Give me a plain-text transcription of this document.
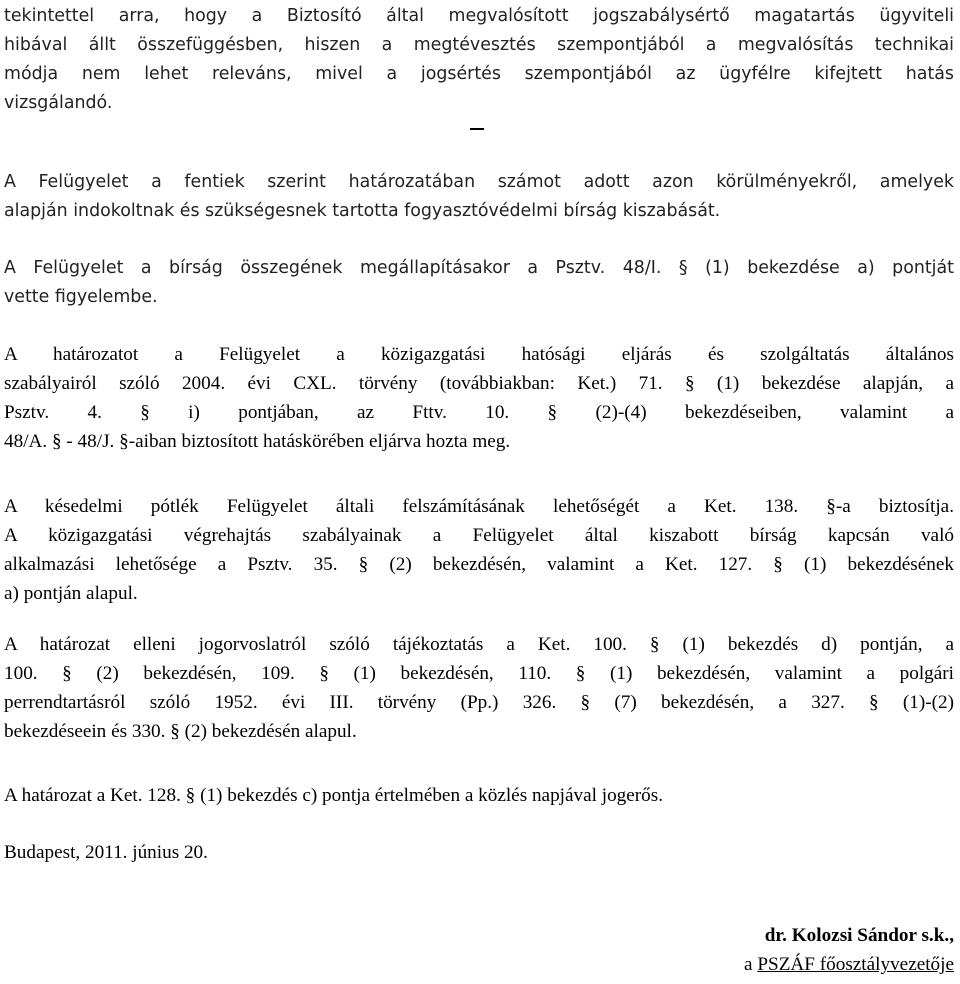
tekintettel arra, hogy a Biztosító által megvalósított jogszabálysértő magatartás ügyviteli
hibával állt összefüggésben, hiszen a megtévesztés szempontjából a megvalósítás technikai
módja nem lehet releváns, mivel a jogsértés szempontjából az ügyfélre kifejtett hatás
vizsgálandó.
A Felügyelet a fentiek szerint határozatában számot adott azon körülményekről, amelyek
alapján indokoltnak és szükségesnek tartotta fogyasztóvédelmi bírság kiszabását.
A Felügyelet a bírság összegének megállapításakor a Psztv. 48/I. § (1) bekezdése a) pontját
vette figyelembe.
A határozatot a Felügyelet a közigazgatási hatósági eljárás és szolgáltatás általános
szabályairól szóló 2004. évi CXL. törvény (továbbiakban: Ket.) 71. § (1) bekezdése alapján, a
Psztv. 4. § i) pontjában, az Fttv. 10. § (2)-(4) bekezdéseiben, valamint a
48/A. § - 48/J. §-aiban biztosított hatáskörében eljárva hozta meg.
A késedelmi pótlék Felügyelet általi felszámításának lehetőségét a Ket. 138. §-a biztosítja.
A közigazgatási végrehajtás szabályainak a Felügyelet által kiszabott bírság kapcsán való
alkalmazási lehetősége a Psztv. 35. § (2) bekezdésén, valamint a Ket. 127. § (1) bekezdésének
a) pontján alapul.
A határozat elleni jogorvoslatról szóló tájékoztatás a Ket. 100. § (1) bekezdés d) pontján, a
100. § (2) bekezdésén, 109. § (1) bekezdésén, 110. § (1) bekezdésén, valamint a polgári
perrendtartásról szóló 1952. évi III. törvény (Pp.) 326. § (7) bekezdésén, a 327. § (1)-(2)
bekezdéseein és 330. § (2) bekezdésén alapul.
A határozat a Ket. 128. § (1) bekezdés c) pontja értelmében a közlés napjával jogerős.
Budapest, 2011. június 20.
dr. Kolozsi Sándor s.k.,
a PSZÁF főosztályvezetője
